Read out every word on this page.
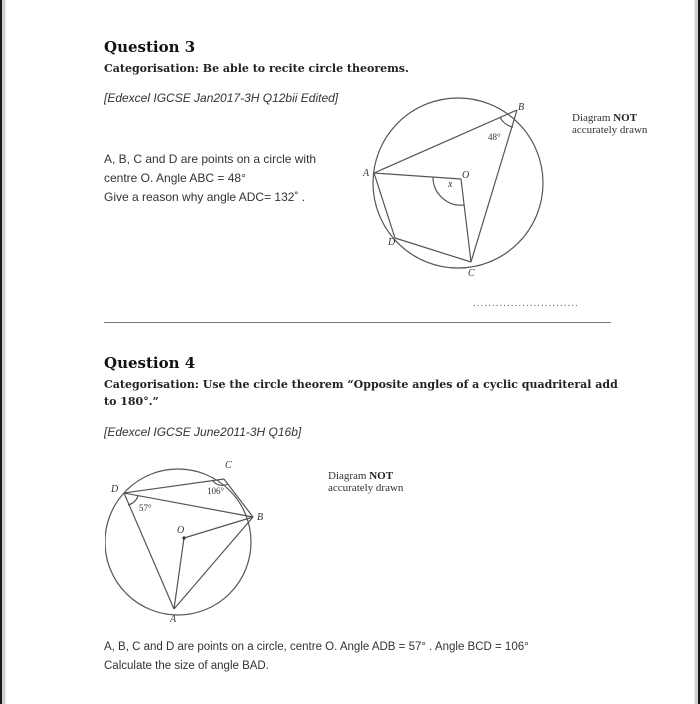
Question 3
Categorisation: Be able to recite circle theorems.
[Edexcel IGCSE Jan2017-3H Q12bii Edited]
A, B, C and D are points on a circle with
centre O. Angle ABC = 48°
Give a reason why angle ADC= 132˚ .
A
B
C
D
O
x
48°
Diagram NOT
accurately drawn
............................
Question 4
Categorisation: Use the circle theorem “Opposite angles of a cyclic quadriteral add
to 180°.”
[Edexcel IGCSE June2011-3H Q16b]
D
C
B
O
A
106°
57°
Diagram NOT
accurately drawn
A, B, C and D are points on a circle, centre O. Angle ADB = 57° . Angle BCD = 106°
Calculate the size of angle BAD.
